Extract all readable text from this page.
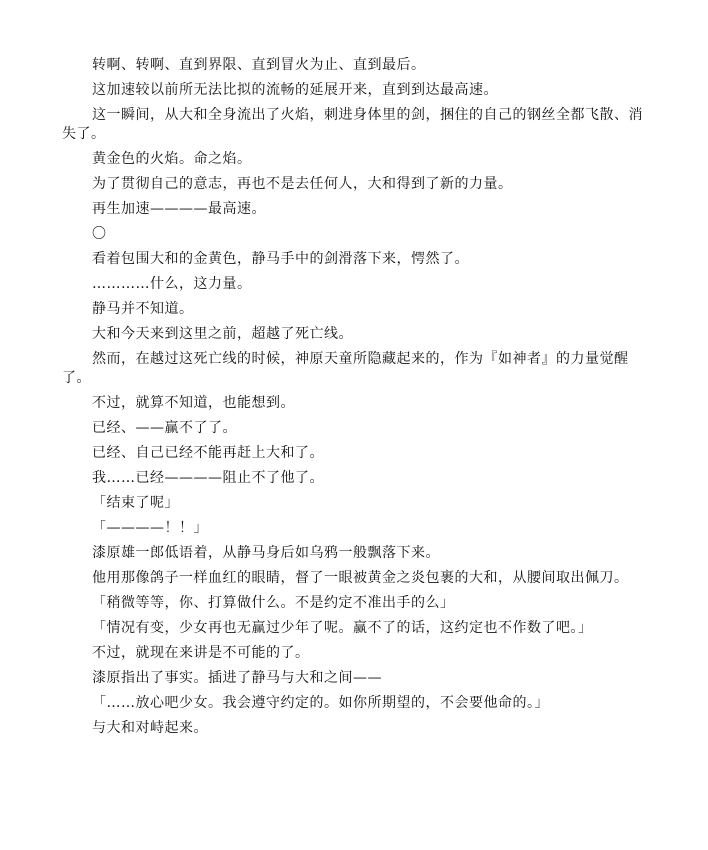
转啊、转啊、直到界限、直到冒火为止、直到最后。

这加速较以前所无法比拟的流畅的延展开来，直到到达最高速。

这一瞬间，从大和全身流出了火焰，刺进身体里的剑，捆住的自己的钢丝全都飞散、消失了。

黄金色的火焰。命之焰。

为了贯彻自己的意志，再也不是去任何人，大和得到了新的力量。

再生加速————最高速。

〇

看着包围大和的金黄色，静马手中的剑滑落下来，愕然了。

…………什么，这力量。

静马并不知道。

大和今天来到这里之前，超越了死亡线。

然而，在越过这死亡线的时候，神原天童所隐藏起来的，作为『如神者』的力量觉醒了。

不过，就算不知道，也能想到。

已经、——赢不了了。

已经、自己已经不能再赶上大和了。

我……已经————阻止不了他了。

「结束了呢」

「————！！」

漆原雄一郎低语着，从静马身后如乌鸦一般飘落下来。

他用那像鸽子一样血红的眼睛，督了一眼被黄金之炎包裹的大和，从腰间取出佩刀。

「稍微等等，你、打算做什么。不是约定不准出手的么」

「情况有变，少女再也无赢过少年了呢。赢不了的话，这约定也不作数了吧。」

不过，就现在来讲是不可能的了。

漆原指出了事实。插进了静马与大和之间——

「……放心吧少女。我会遵守约定的。如你所期望的，不会要他命的。」

与大和对峙起来。
